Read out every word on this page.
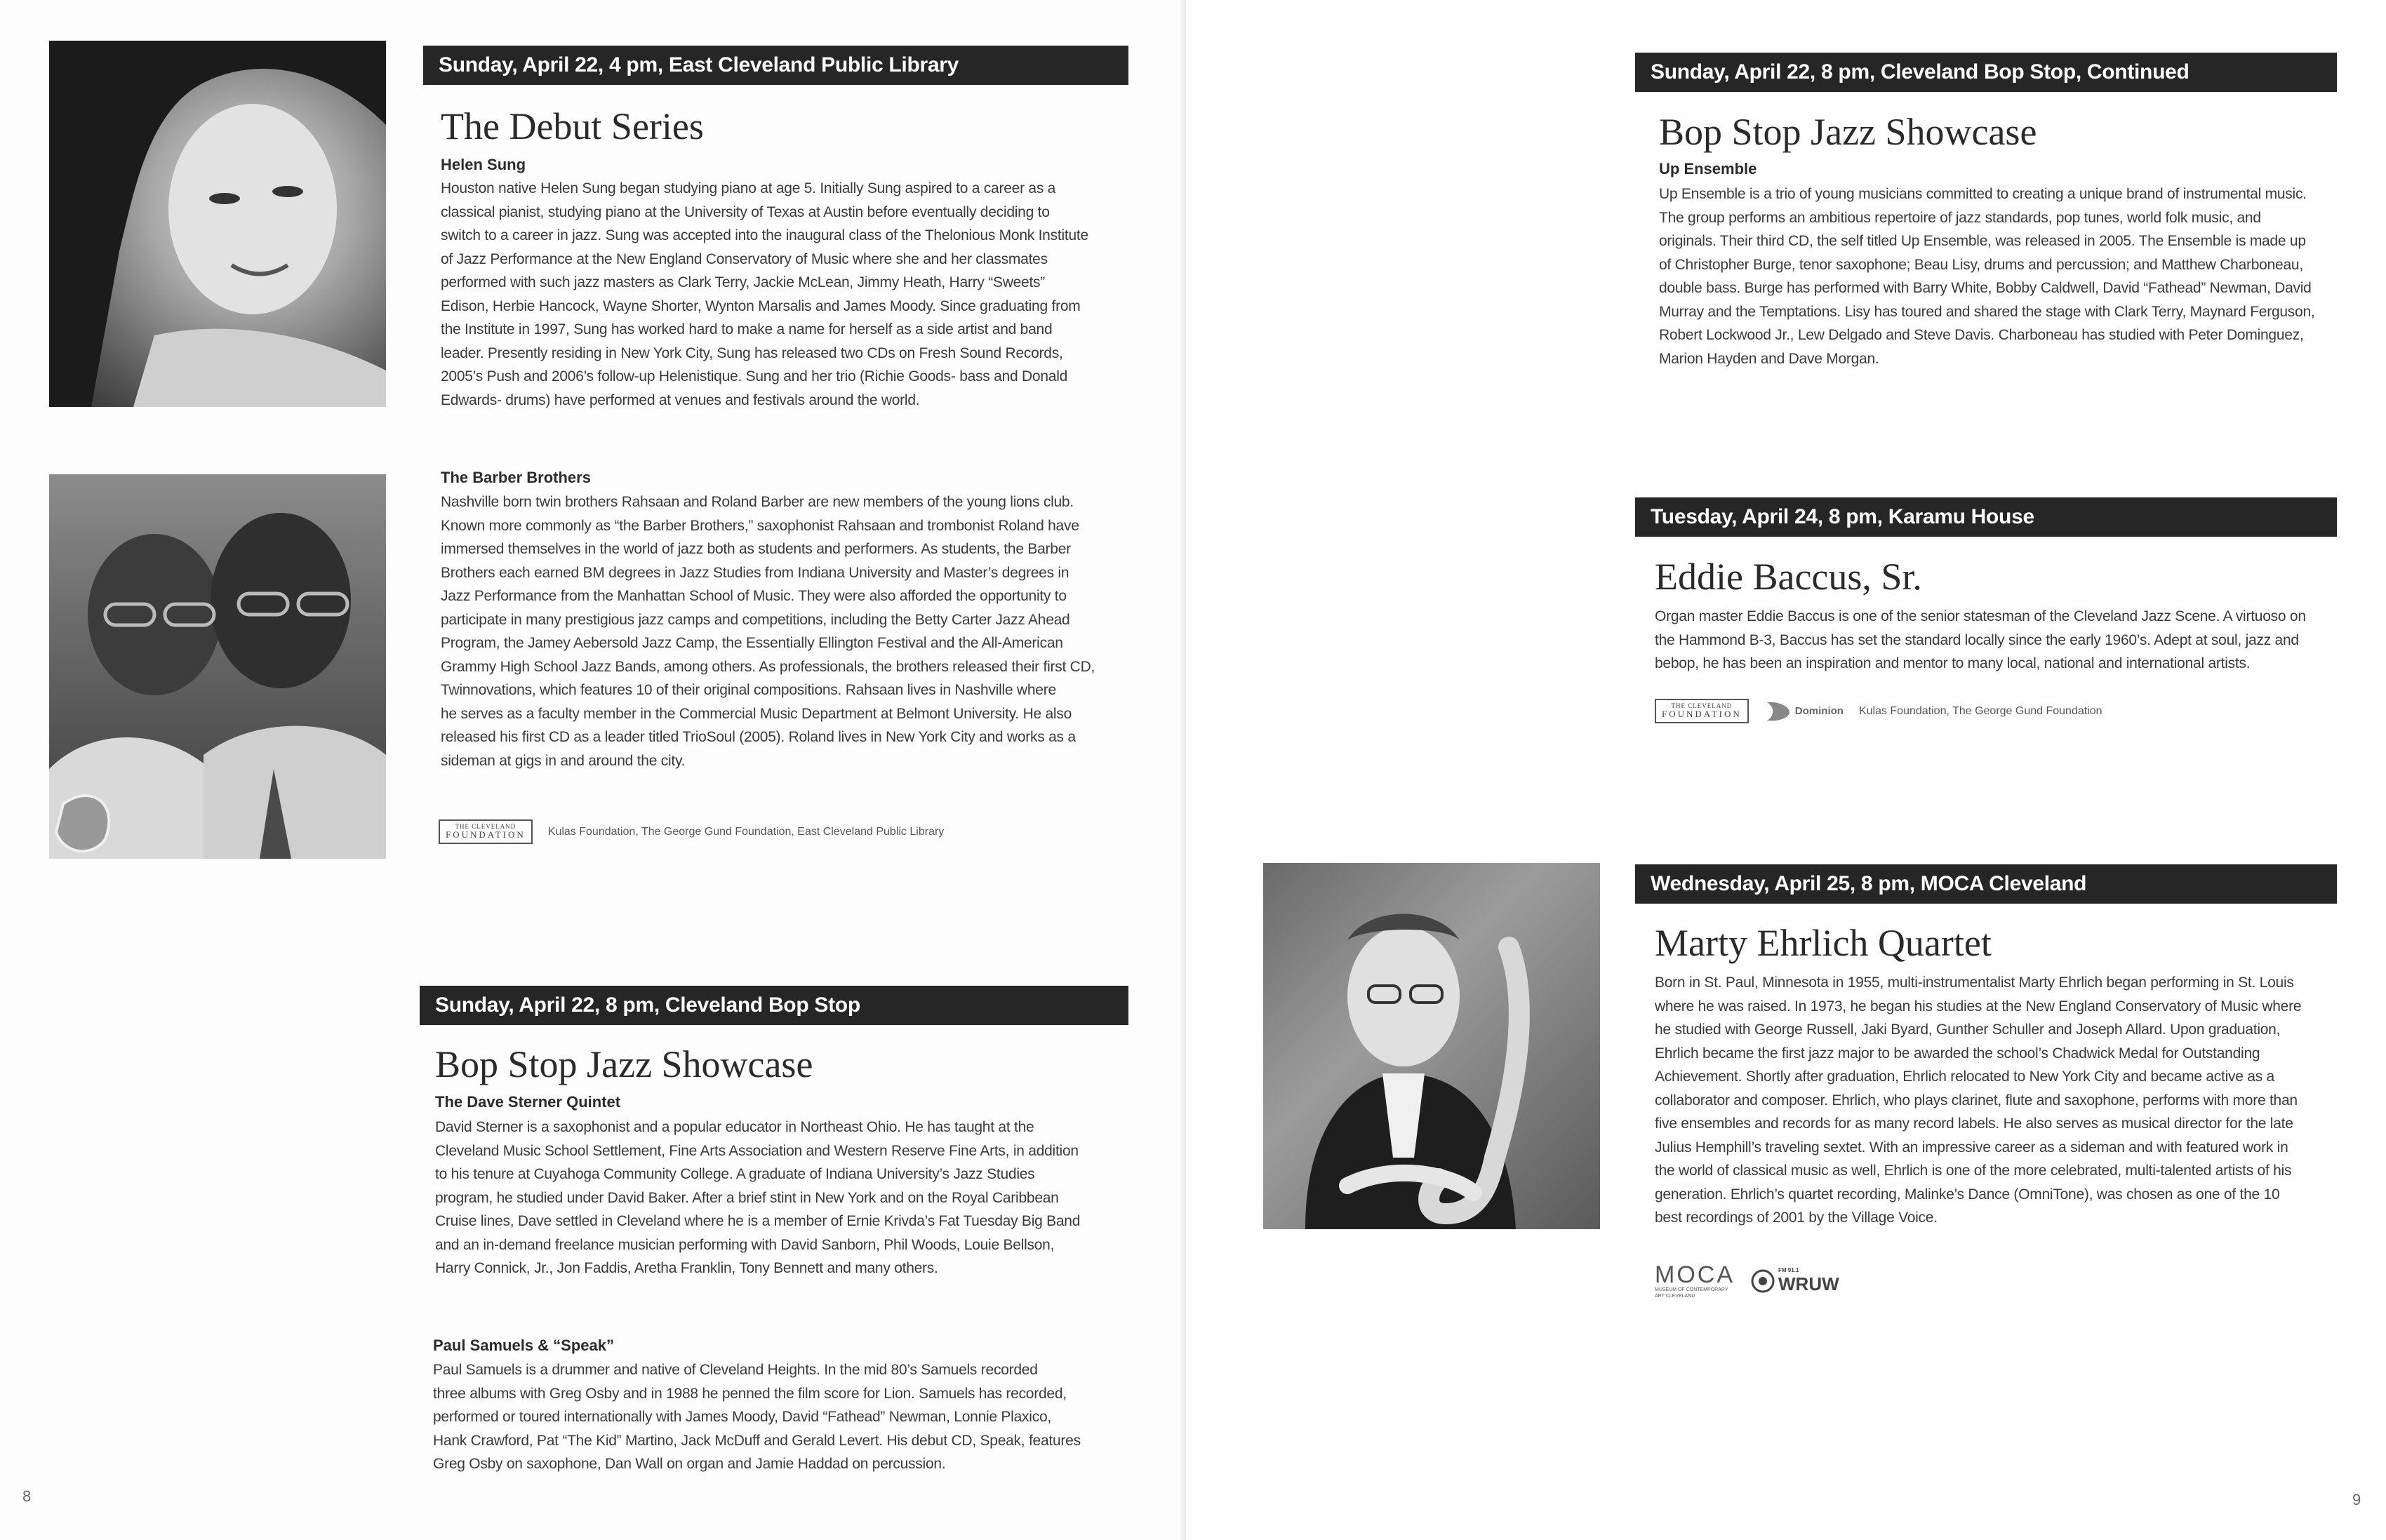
Sunday, April 22, 4 pm, East Cleveland Public Library
The Debut Series
Helen Sung
Houston native Helen Sung began studying piano at age 5. Initially Sung aspired to a career as a
classical pianist, studying piano at the University of Texas at Austin before eventually deciding to
switch to a career in jazz. Sung was accepted into the inaugural class of the Thelonious Monk Institute
of Jazz Performance at the New England Conservatory of Music where she and her classmates
performed with such jazz masters as Clark Terry, Jackie McLean, Jimmy Heath, Harry “Sweets”
Edison, Herbie Hancock, Wayne Shorter, Wynton Marsalis and James Moody. Since graduating from
the Institute in 1997, Sung has worked hard to make a name for herself as a side artist and band
leader. Presently residing in New York City, Sung has released two CDs on Fresh Sound Records,
2005’s Push and 2006’s follow-up Helenistique. Sung and her trio (Richie Goods- bass and Donald
Edwards- drums) have performed at venues and festivals around the world.
The Barber Brothers
Nashville born twin brothers Rahsaan and Roland Barber are new members of the young lions club.
Known more commonly as “the Barber Brothers,” saxophonist Rahsaan and trombonist Roland have
immersed themselves in the world of jazz both as students and performers. As students, the Barber
Brothers each earned BM degrees in Jazz Studies from Indiana University and Master’s degrees in
Jazz Performance from the Manhattan School of Music. They were also afforded the opportunity to
participate in many prestigious jazz camps and competitions, including the Betty Carter Jazz Ahead
Program, the Jamey Aebersold Jazz Camp, the Essentially Ellington Festival and the All-American
Grammy High School Jazz Bands, among others. As professionals, the brothers released their first CD,
Twinnovations, which features 10 of their original compositions. Rahsaan lives in Nashville where
he serves as a faculty member in the Commercial Music Department at Belmont University. He also
released his first CD as a leader titled TrioSoul (2005). Roland lives in New York City and works as a
sideman at gigs in and around the city.
THE CLEVELAND
FOUNDATION Kulas Foundation, The George Gund Foundation, East Cleveland Public Library
Sunday, April 22, 8 pm, Cleveland Bop Stop
Bop Stop Jazz Showcase
The Dave Sterner Quintet
David Sterner is a saxophonist and a popular educator in Northeast Ohio. He has taught at the
Cleveland Music School Settlement, Fine Arts Association and Western Reserve Fine Arts, in addition
to his tenure at Cuyahoga Community College. A graduate of Indiana University’s Jazz Studies
program, he studied under David Baker. After a brief stint in New York and on the Royal Caribbean
Cruise lines, Dave settled in Cleveland where he is a member of Ernie Krivda’s Fat Tuesday Big Band
and an in-demand freelance musician performing with David Sanborn, Phil Woods, Louie Bellson,
Harry Connick, Jr., Jon Faddis, Aretha Franklin, Tony Bennett and many others.
Paul Samuels & “Speak”
Paul Samuels is a drummer and native of Cleveland Heights. In the mid 80’s Samuels recorded
three albums with Greg Osby and in 1988 he penned the film score for Lion. Samuels has recorded,
performed or toured internationally with James Moody, David “Fathead” Newman, Lonnie Plaxico,
Hank Crawford, Pat “The Kid” Martino, Jack McDuff and Gerald Levert. His debut CD, Speak, features
Greg Osby on saxophone, Dan Wall on organ and Jamie Haddad on percussion.
8
Sunday, April 22, 8 pm, Cleveland Bop Stop, Continued
Bop Stop Jazz Showcase
Up Ensemble
Up Ensemble is a trio of young musicians committed to creating a unique brand of instrumental music.
The group performs an ambitious repertoire of jazz standards, pop tunes, world folk music, and
originals. Their third CD, the self titled Up Ensemble, was released in 2005. The Ensemble is made up
of Christopher Burge, tenor saxophone; Beau Lisy, drums and percussion; and Matthew Charboneau,
double bass. Burge has performed with Barry White, Bobby Caldwell, David “Fathead” Newman, David
Murray and the Temptations. Lisy has toured and shared the stage with Clark Terry, Maynard Ferguson,
Robert Lockwood Jr., Lew Delgado and Steve Davis. Charboneau has studied with Peter Dominguez,
Marion Hayden and Dave Morgan.
Tuesday, April 24, 8 pm, Karamu House
Eddie Baccus, Sr.
Organ master Eddie Baccus is one of the senior statesman of the Cleveland Jazz Scene. A virtuoso on
the Hammond B-3, Baccus has set the standard locally since the early 1960’s. Adept at soul, jazz and
bebop, he has been an inspiration and mentor to many local, national and international artists.
THE CLEVELAND
FOUNDATION	Dominion Kulas Foundation, The George Gund Foundation
Wednesday, April 25, 8 pm, MOCA Cleveland
Marty Ehrlich Quartet
Born in St. Paul, Minnesota in 1955, multi-instrumentalist Marty Ehrlich began performing in St. Louis
where he was raised. In 1973, he began his studies at the New England Conservatory of Music where
he studied with George Russell, Jaki Byard, Gunther Schuller and Joseph Allard. Upon graduation,
Ehrlich became the first jazz major to be awarded the school’s Chadwick Medal for Outstanding
Achievement. Shortly after graduation, Ehrlich relocated to New York City and became active as a
collaborator and composer. Ehrlich, who plays clarinet, flute and saxophone, performs with more than
five ensembles and records for as many record labels. He also serves as musical director for the late
Julius Hemphill’s traveling sextet. With an impressive career as a sideman and with featured work in
the world of classical music as well, Ehrlich is one of the more celebrated, multi-talented artists of his
generation. Ehrlich’s quartet recording, Malinke’s Dance (OmniTone), was chosen as one of the 10
best recordings of 2001 by the Village Voice.
MOCA
MUSEUM OF CONTEMPORARY ART CLEVELAND
FM 91.1
WRUW
9
